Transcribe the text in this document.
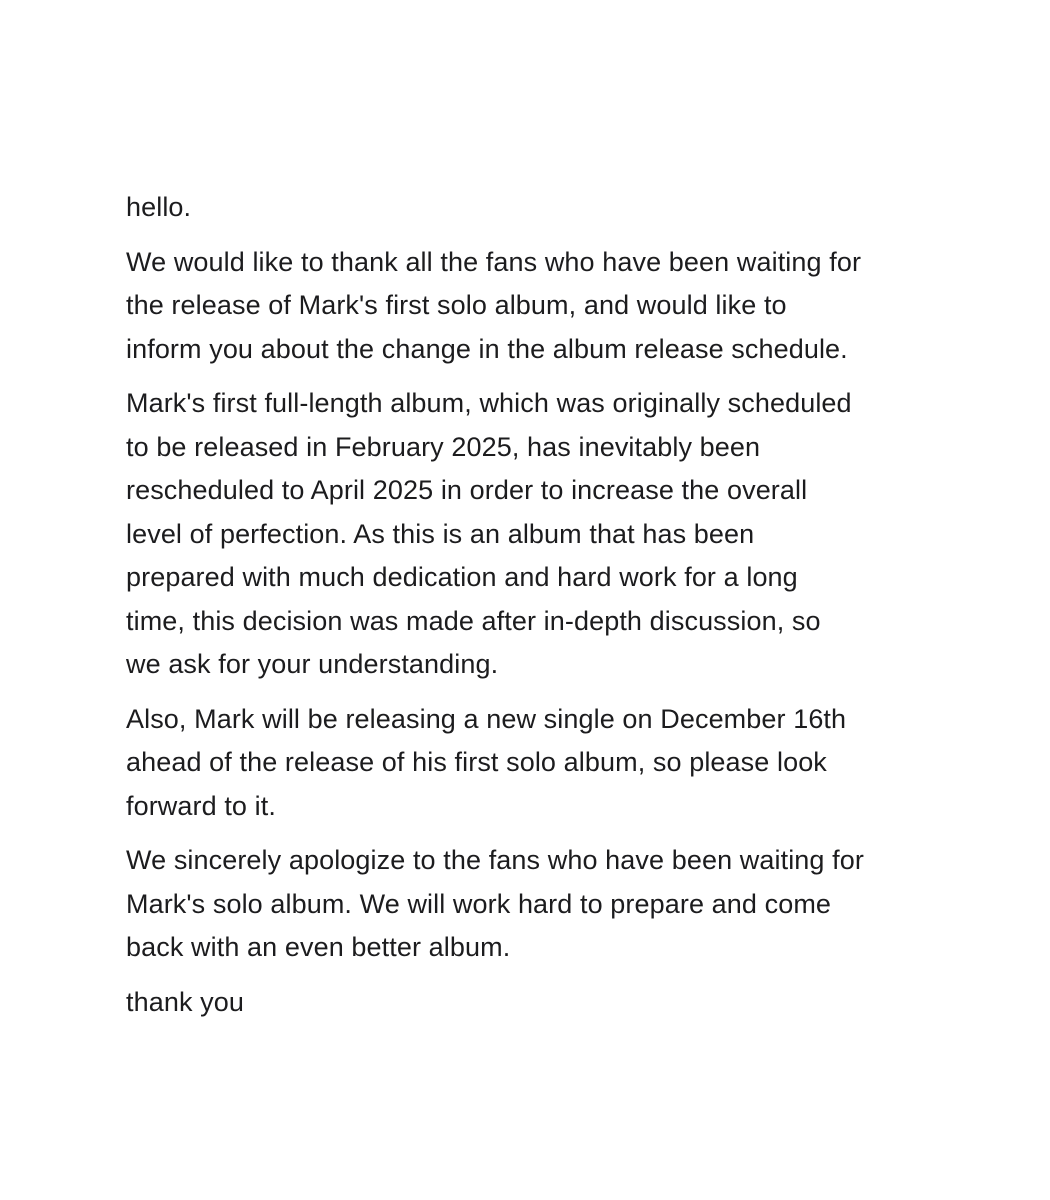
hello.

We would like to thank all the fans who have been waiting for
the release of Mark's first solo album, and would like to
inform you about the change in the album release schedule.

Mark's first full-length album, which was originally scheduled
to be released in February 2025, has inevitably been
rescheduled to April 2025 in order to increase the overall
level of perfection. As this is an album that has been
prepared with much dedication and hard work for a long
time, this decision was made after in-depth discussion, so
we ask for your understanding.

Also, Mark will be releasing a new single on December 16th
ahead of the release of his first solo album, so please look
forward to it.

We sincerely apologize to the fans who have been waiting for
Mark's solo album. We will work hard to prepare and come
back with an even better album.

thank you
